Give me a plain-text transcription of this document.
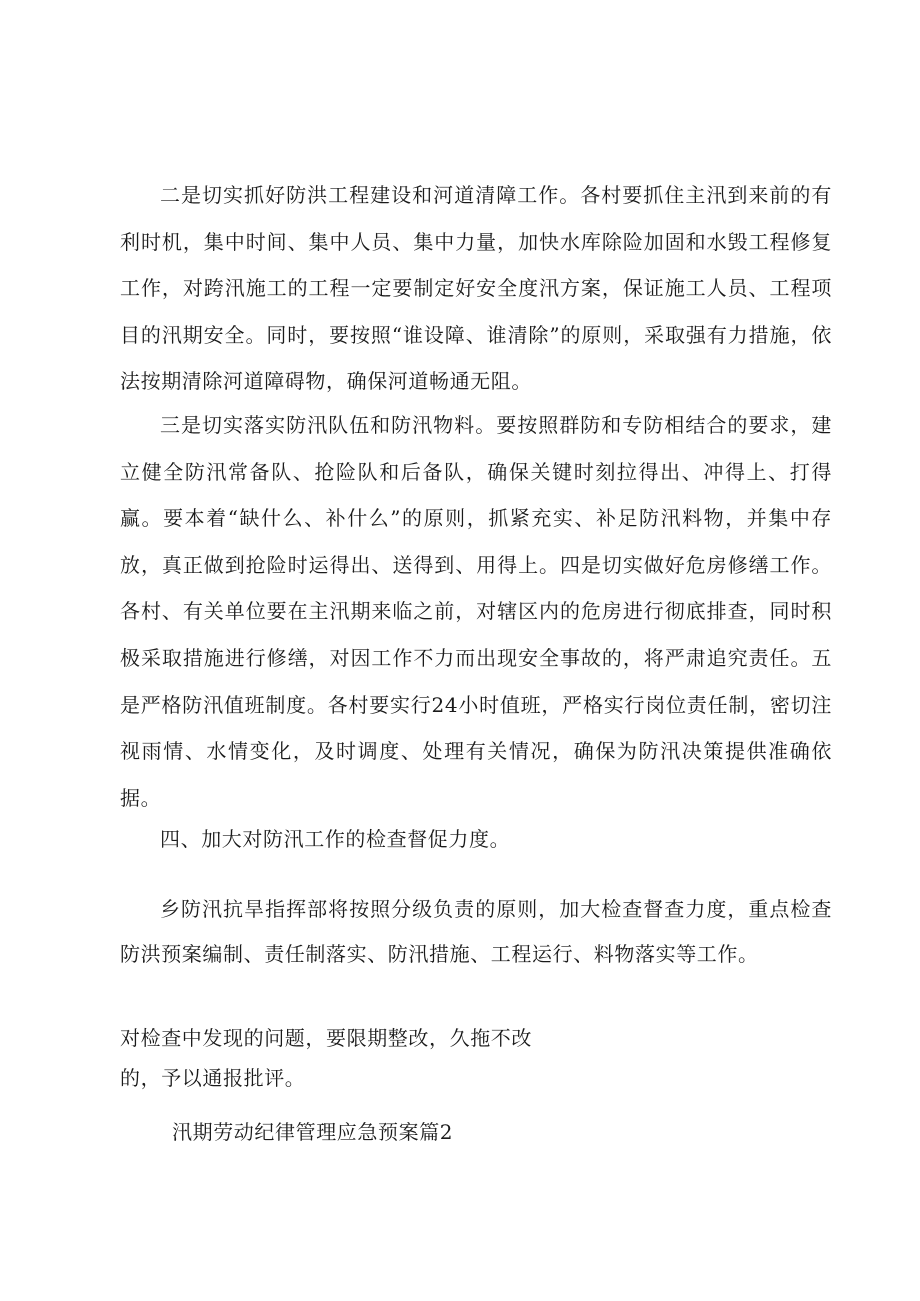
二是切实抓好防洪工程建设和河道清障工作。各村要抓住主汛到来前的有利时机，集中时间、集中人员、集中力量，加快水库除险加固和水毁工程修复工作，对跨汛施工的工程一定要制定好安全度汛方案，保证施工人员、工程项目的汛期安全。同时，要按照“谁设障、谁清除”的原则，采取强有力措施，依法按期清除河道障碍物，确保河道畅通无阻。

三是切实落实防汛队伍和防汛物料。要按照群防和专防相结合的要求，建立健全防汛常备队、抢险队和后备队，确保关键时刻拉得出、冲得上、打得赢。要本着“缺什么、补什么”的原则，抓紧充实、补足防汛料物，并集中存放，真正做到抢险时运得出、送得到、用得上。四是切实做好危房修缮工作。各村、有关单位要在主汛期来临之前，对辖区内的危房进行彻底排查，同时积极采取措施进行修缮，对因工作不力而出现安全事故的，将严肃追究责任。五是严格防汛值班制度。各村要实行24小时值班，严格实行岗位责任制，密切注视雨情、水情变化，及时调度、处理有关情况，确保为防汛决策提供准确依据。

四、加大对防汛工作的检查督促力度。

乡防汛抗旱指挥部将按照分级负责的原则，加大检查督查力度，重点检查防洪预案编制、责任制落实、防汛措施、工程运行、料物落实等工作。

对检查中发现的问题，要限期整改，久拖不改

的，予以通报批评。

汛期劳动纪律管理应急预案篇2
